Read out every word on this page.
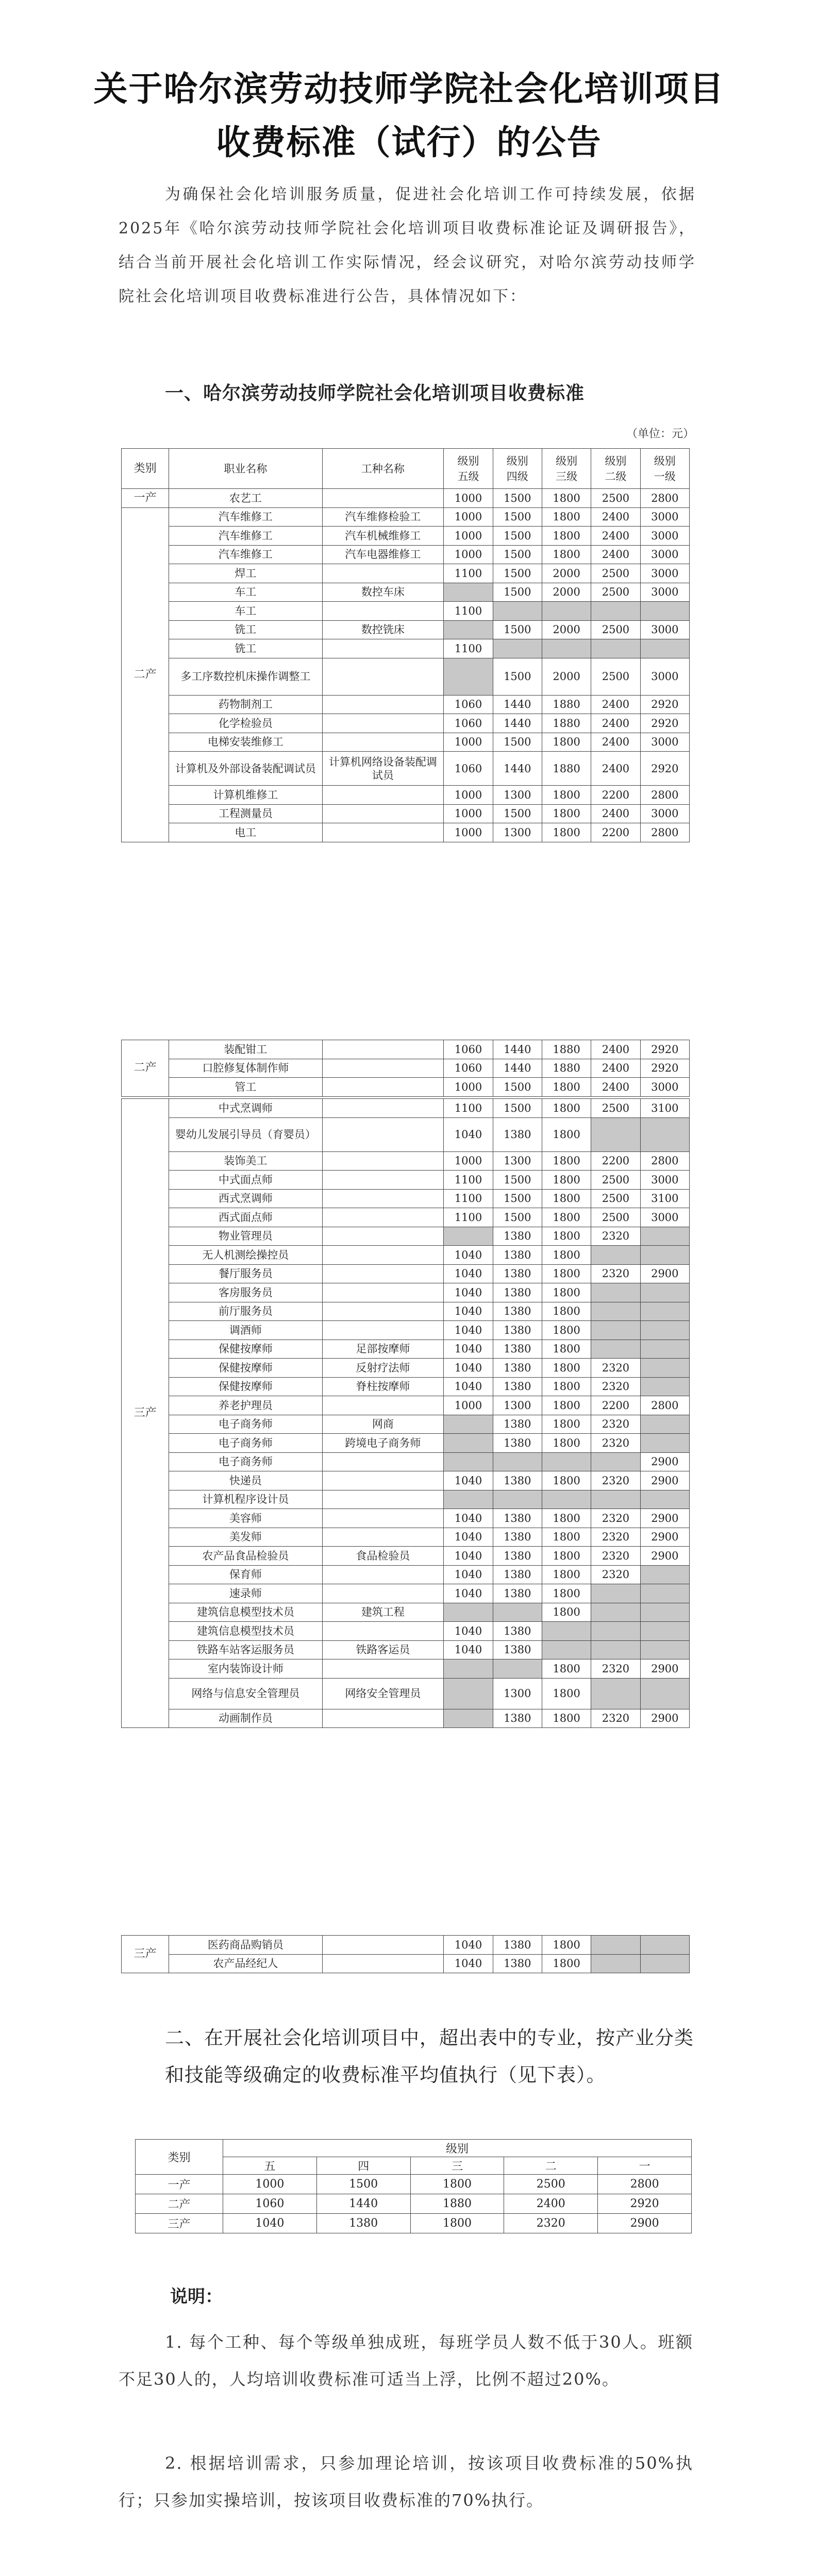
关于哈尔滨劳动技师学院社会化培训项目
收费标准（试行）的公告

为确保社会化培训服务质量，促进社会化培训工作可持续发展，依据2025年《哈尔滨劳动技师学院社会化培训项目收费标准论证及调研报告》，结合当前开展社会化培训工作实际情况，经会议研究，对哈尔滨劳动技师学院社会化培训项目收费标准进行公告，具体情况如下：

一、哈尔滨劳动技师学院社会化培训项目收费标准
（单位：元）
类别	职业名称	工种名称	级别五级	级别四级	级别三级	级别二级	级别一级
一产	农艺工		1000	1500	1800	2500	2800
二产	汽车维修工	汽车维修检验工	1000	1500	1800	2400	3000
	汽车维修工	汽车机械维修工	1000	1500	1800	2400	3000
	汽车维修工	汽车电器维修工	1000	1500	1800	2400	3000
	焊工		1100	1500	2000	2500	3000
	车工	数控车床		1500	2000	2500	3000
	车工		1100				
	铣工	数控铣床		1500	2000	2500	3000
	铣工		1100				
	多工序数控机床操作调整工			1500	2000	2500	3000
	药物制剂工		1060	1440	1880	2400	2920
	化学检验员		1060	1440	1880	2400	2920
	电梯安装维修工		1000	1500	1800	2400	3000
	计算机及外部设备装配调试员	计算机网络设备装配调试员	1060	1440	1880	2400	2920
	计算机维修工		1000	1300	1800	2200	2800
	工程测量员		1000	1500	1800	2400	3000
	电工		1000	1300	1800	2200	2800
二产	装配钳工		1060	1440	1880	2400	2920
	口腔修复体制作师		1060	1440	1880	2400	2920
	管工		1000	1500	1800	2400	3000
三产	中式烹调师		1100	1500	1800	2500	3100
	婴幼儿发展引导员（育婴员）		1040	1380	1800		
	装饰美工		1000	1300	1800	2200	2800
	中式面点师		1100	1500	1800	2500	3000
	西式烹调师		1100	1500	1800	2500	3100
	西式面点师		1100	1500	1800	2500	3000
	物业管理员			1380	1800	2320	
	无人机测绘操控员		1040	1380	1800		
	餐厅服务员		1040	1380	1800	2320	2900
	客房服务员		1040	1380	1800		
	前厅服务员		1040	1380	1800		
	调酒师		1040	1380	1800		
	保健按摩师	足部按摩师	1040	1380	1800		
	保健按摩师	反射疗法师	1040	1380	1800	2320	
	保健按摩师	脊柱按摩师	1040	1380	1800	2320	
	养老护理员		1000	1300	1800	2200	2800
	电子商务师	网商		1380	1800	2320	
	电子商务师	跨境电子商务师		1380	1800	2320	
	电子商务师						2900
	快递员		1040	1380	1800	2320	2900
	计算机程序设计员						
	美容师		1040	1380	1800	2320	2900
	美发师		1040	1380	1800	2320	2900
	农产品食品检验员	食品检验员	1040	1380	1800	2320	2900
	保育师		1040	1380	1800	2320	
	速录师		1040	1380	1800		
	建筑信息模型技术员	建筑工程			1800		
	建筑信息模型技术员		1040	1380			
	铁路车站客运服务员	铁路客运员	1040	1380			
	室内装饰设计师				1800	2320	2900
	网络与信息安全管理员	网络安全管理员		1300	1800		
	动画制作员			1380	1800	2320	2900
三产	医药商品购销员		1040	1380	1800		
	农产品经纪人		1040	1380	1800		
二、在开展社会化培训项目中，超出表中的专业，按产业分类和技能等级确定的收费标准平均值执行（见下表）。
类别	级别				
	五	四	三	二	一
一产	1000	1500	1800	2500	2800
二产	1060	1440	1880	2400	2920
三产	1040	1380	1800	2320	2900
说明：

1. 每个工种、每个等级单独成班，每班学员人数不低于30人。班额不足30人的，人均培训收费标准可适当上浮，比例不超过20%。

2. 根据培训需求，只参加理论培训，按该项目收费标准的50%执行；只参加实操培训，按该项目收费标准的70%执行。
